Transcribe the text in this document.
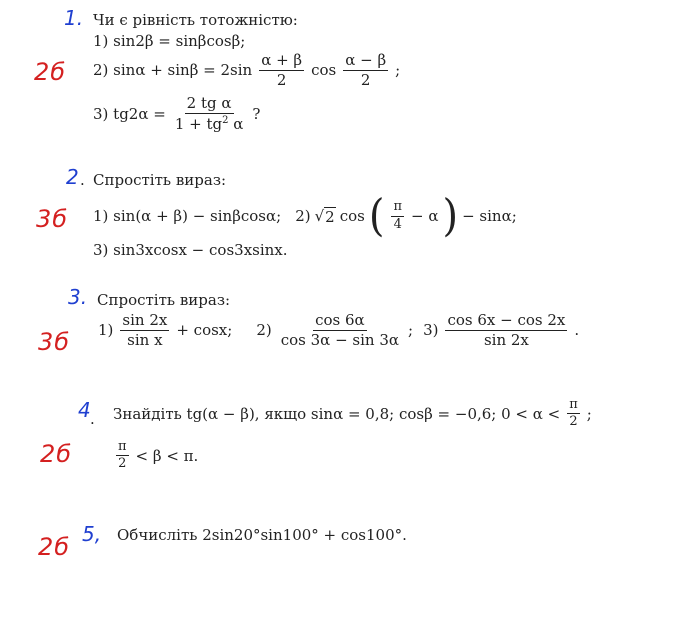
1. Чи є рівність тотожністю:
1) sin2β = sinβcosβ;
2б 2) $\sin\alpha + \sin\beta = 2\sin \frac{\alpha + \beta}{2}$ $\cos \frac{\alpha - \beta}{2}$ ;
3) $tg2\alpha = \frac{\text{2 tg α}}{1 + tg^2 \alpha}$ ?
2 . Спростіть вираз:
3б 1) sin(α + β) − sinβcosα; 2) √ 2 cos ( $\frac{\pi}{4} - \alpha$ ) − sinα;
3) sin3xcosx − cos3xsinx.
3. Спростіть вираз:
3б $1) \frac{\sin 2x}{\text{sin x}} + \cos x$; $2) \frac{\cos 6\alpha}{\cos 3\alpha - \sin 3\alpha}$ ; $3) \frac{\cos 6x - \cos 2x}{\sin 2x}$ .
4 . Знайдіть tg(α − β), якщо sinα = 0,8; cosβ = −0,6; $0 < \alpha < \frac{\pi}{2}$ ;
2б	$\frac{\pi}{2} < \beta < \pi$.
2б 5, Обчисліть 2sin20°sin100° + cos100°.
